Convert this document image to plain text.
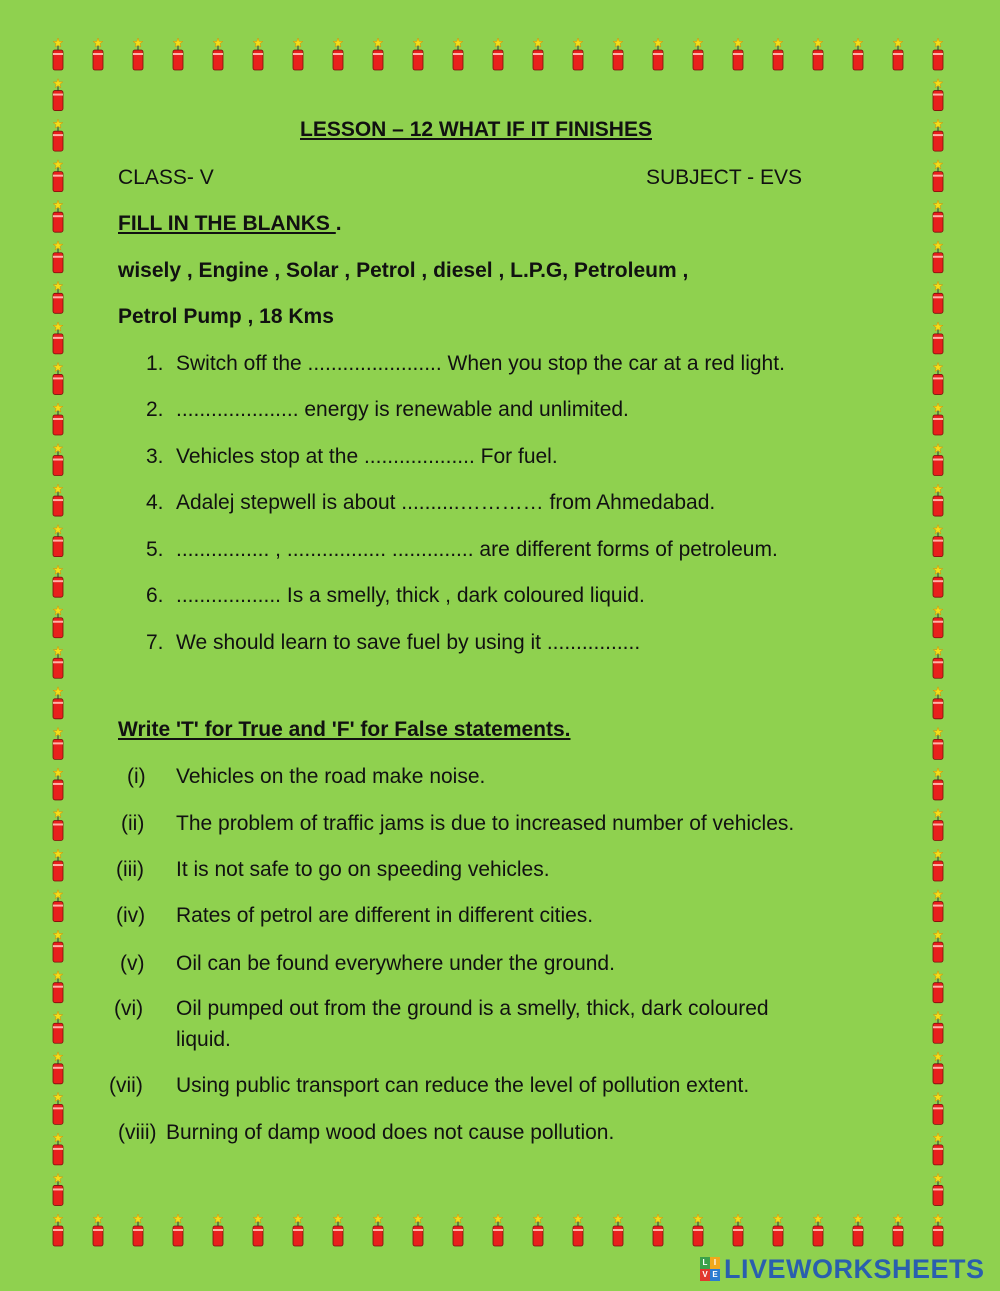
LESSON – 12 WHAT IF IT FINISHES
CLASS- V	SUBJECT - EVS
FILL IN THE BLANKS .
wisely , Engine , Solar , Petrol , diesel , L.P.G, Petroleum ,
Petrol Pump , 18 Kms
1. Switch off the ....................... When you stop the car at a red light.
2. ..................... energy is renewable and unlimited.
3. Vehicles stop at the ................... For fuel.
4. Adalej stepwell is about ..........………… from Ahmedabad.
5. ................ , ................. .............. are different forms of petroleum.
6. .................. Is a smelly, thick , dark coloured liquid.
7. We should learn to save fuel by using it ................
Write 'T' for True and 'F' for False statements.
(i) Vehicles on the road make noise.
(ii) The problem of traffic jams is due to increased number of vehicles.
(iii) It is not safe to go on speeding vehicles.
(iv) Rates of petrol are different in different cities.
(v) Oil can be found everywhere under the ground.
(vi) Oil pumped out from the ground is a smelly, thick, dark coloured
liquid.
(vii) Using public transport can reduce the level of pollution extent.
(viii) Burning of damp wood does not cause pollution.
L I
V E LIVEWORKSHEETS
